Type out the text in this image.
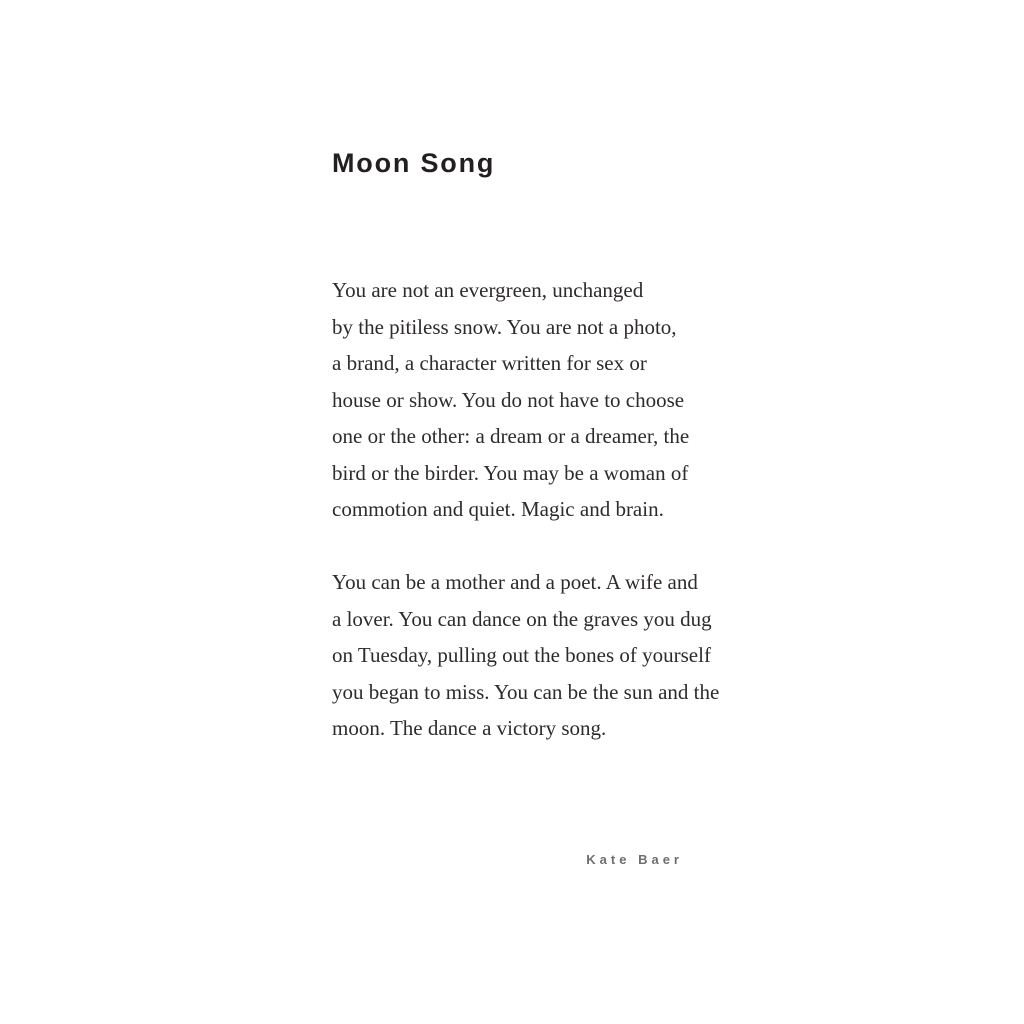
Moon Song
You are not an evergreen, unchanged
by the pitiless snow. You are not a photo,
a brand, a character written for sex or
house or show. You do not have to choose
one or the other: a dream or a dreamer, the
bird or the birder. You may be a woman of
commotion and quiet. Magic and brain.
You can be a mother and a poet. A wife and
a lover. You can dance on the graves you dug
on Tuesday, pulling out the bones of yourself
you began to miss. You can be the sun and the
moon. The dance a victory song.
Kate Baer
